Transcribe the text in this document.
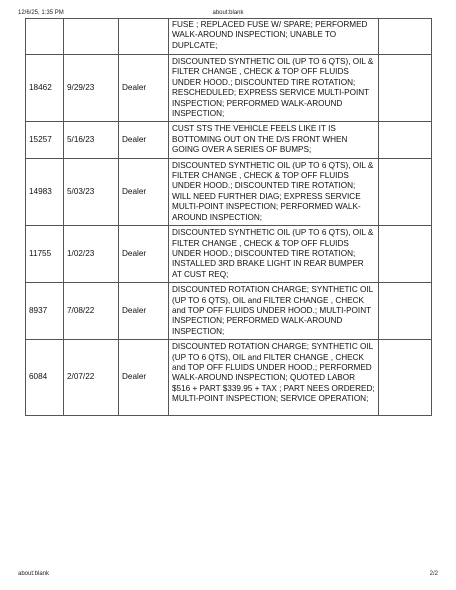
12/6/25, 1:35 PM	about:blank
			FUSE ; REPLACED FUSE W/ SPARE; PERFORMED WALK-AROUND INSPECTION; UNABLE TO DUPLCATE;	
18462	9/29/23	Dealer	DISCOUNTED SYNTHETIC OIL (UP TO 6 QTS), OIL & FILTER CHANGE , CHECK & TOP OFF FLUIDS UNDER HOOD.; DISCOUNTED TIRE ROTATION; RESCHEDULED; EXPRESS SERVICE MULTI-POINT INSPECTION; PERFORMED WALK-AROUND INSPECTION;	
15257	5/16/23	Dealer	CUST STS THE VEHICLE FEELS LIKE IT IS BOTTOMING OUT ON THE D/S FRONT WHEN GOING OVER A SERIES OF BUMPS;	
14983	5/03/23	Dealer	DISCOUNTED SYNTHETIC OIL (UP TO 6 QTS), OIL & FILTER CHANGE , CHECK & TOP OFF FLUIDS UNDER HOOD.; DISCOUNTED TIRE ROTATION; WILL NEED FURTHER DIAG; EXPRESS SERVICE MULTI-POINT INSPECTION; PERFORMED WALK-AROUND INSPECTION;	
11755	1/02/23	Dealer	DISCOUNTED SYNTHETIC OIL (UP TO 6 QTS), OIL & FILTER CHANGE , CHECK & TOP OFF FLUIDS UNDER HOOD.; DISCOUNTED TIRE ROTATION; INSTALLED 3RD BRAKE LIGHT IN REAR BUMPER AT CUST REQ;	
8937	7/08/22	Dealer	DISCOUNTED ROTATION CHARGE; SYNTHETIC OIL (UP TO 6 QTS), OIL and FILTER CHANGE , CHECK and TOP OFF FLUIDS UNDER HOOD.; MULTI-POINT INSPECTION; PERFORMED WALK-AROUND INSPECTION;	
6084	2/07/22	Dealer	DISCOUNTED ROTATION CHARGE; SYNTHETIC OIL (UP TO 6 QTS), OIL and FILTER CHANGE , CHECK and TOP OFF FLUIDS UNDER HOOD.; PERFORMED WALK-AROUND INSPECTION; QUOTED LABOR $516 + PART $339.95 + TAX ; PART NEES ORDERED; MULTI-POINT INSPECTION; SERVICE OPERATION;	
about:blank	2/2
